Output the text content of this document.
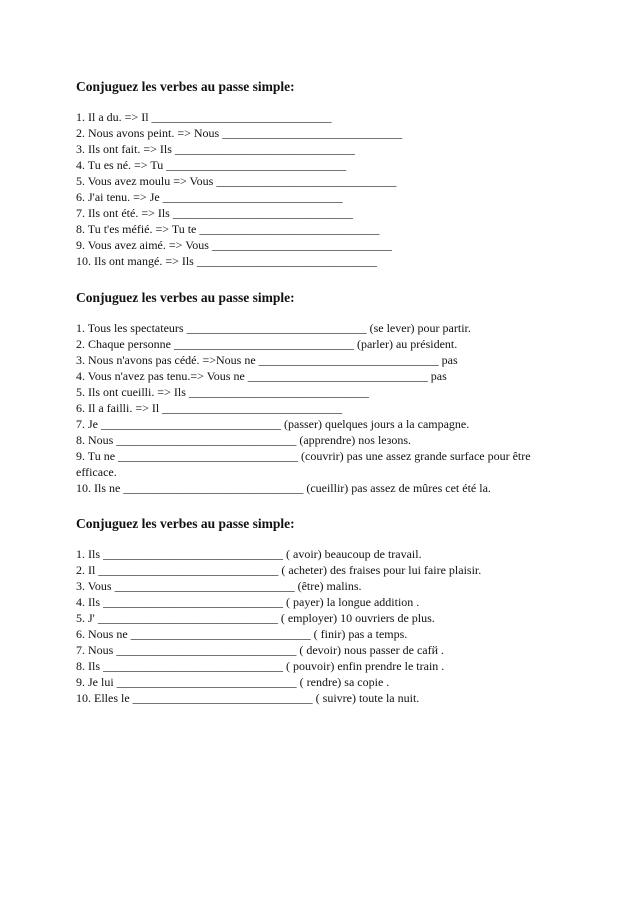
Conjuguez les verbes au passe simple:
1. Il a du. => Il ______________________________
2. Nous avons peint. => Nous ______________________________
3. Ils ont fait. => Ils ______________________________
4. Tu es né. => Tu ______________________________
5. Vous avez moulu => Vous ______________________________
6. J'ai tenu. => Je ______________________________
7. Ils ont été. => Ils ______________________________
8. Tu t'es méfié. => Tu te ______________________________
9. Vous avez aimé. => Vous ______________________________
10. Ils ont mangé. => Ils ______________________________
Conjuguez les verbes au passe simple:
1. Tous les spectateurs ______________________________ (se lever) pour partir.
2. Chaque personne ______________________________ (parler) au président.
3. Nous n'avons pas cédé. =>Nous ne ______________________________ pas
4. Vous n'avez pas tenu.=> Vous ne ______________________________ pas
5. Ils ont cueilli. => Ils ______________________________
6. Il a failli. => Il ______________________________
7. Je ______________________________ (passer) quelques jours a la campagne.
8. Nous ______________________________ (apprendre) nos leзons.
9. Tu ne ______________________________ (couvrir) pas une assez grande surface pour être efficace.
10. Ils ne ______________________________ (cueillir) pas assez de mûres cet été la.
Conjuguez les verbes au passe simple:
1. Ils ______________________________ ( avoir) beaucoup de travail.
2. Il ______________________________ ( acheter) des fraises pour lui faire plaisir.
3. Vous ______________________________ (être) malins.
4. Ils ______________________________ ( payer) la longue addition .
5. J' ______________________________ ( employer) 10 ouvriers de plus.
6. Nous ne ______________________________ ( finir) pas a temps.
7. Nous ______________________________ ( devoir) nous passer de cafй .
8. Ils ______________________________ ( pouvoir) enfin prendre le train .
9. Je lui ______________________________ ( rendre) sa copie .
10. Elles le ______________________________ ( suivre) toute la nuit.
